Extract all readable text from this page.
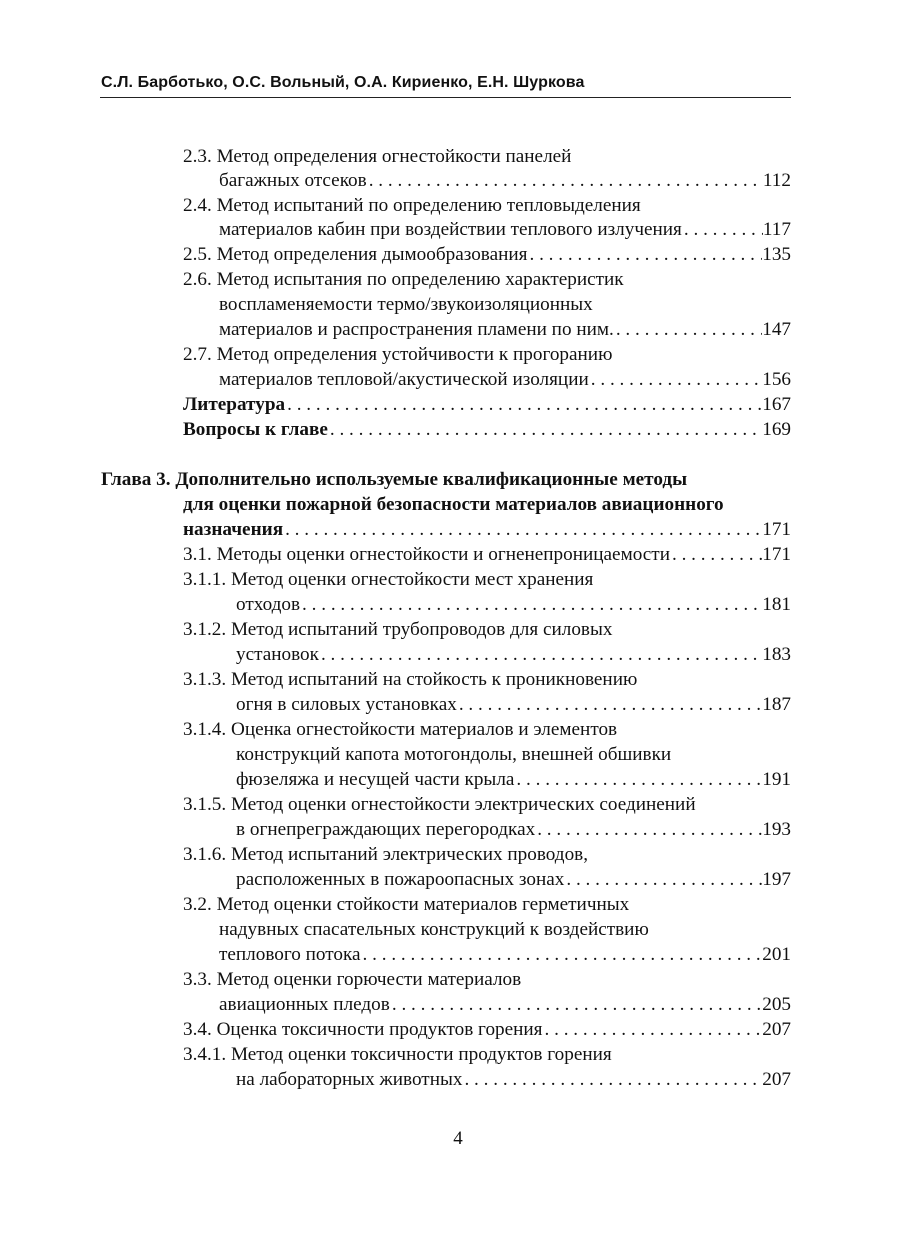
С.Л. Барботько, О.С. Вольный, О.А. Кириенко, Е.Н. Шуркова
2.3. Метод определения огнестойкости панелей
багажных отсеков . . .	112
2.4. Метод испытаний по определению тепловыделения
материалов кабин при воздействии теплового излучения . . .	117
2.5. Метод определения дымообразования . . .	135
2.6. Метод испытания по определению характеристик
воспламеняемости термо/звукоизоляционных
материалов и распространения пламени по ним. . . .	147
2.7. Метод определения устойчивости к прогоранию
материалов тепловой/акустической изоляции . . .	156
Литература . . .	167
Вопросы к главе . . .	169
Глава 3. Дополнительно используемые квалификационные методы
для оценки пожарной безопасности материалов авиационного
назначения . . .	171
3.1. Методы оценки огнестойкости и огненепроницаемости . . .	171
3.1.1. Метод оценки огнестойкости мест хранения
отходов . . .	181
3.1.2. Метод испытаний трубопроводов для силовых
установок . . .	183
3.1.3. Метод испытаний на стойкость к проникновению
огня в силовых установках . . .	187
3.1.4. Оценка огнестойкости материалов и элементов
конструкций капота мотогондолы, внешней обшивки
фюзеляжа и несущей части крыла . . .	191
3.1.5. Метод оценки огнестойкости электрических соединений
в огнепреграждающих перегородках . . .	193
3.1.6. Метод испытаний электрических проводов,
расположенных в пожароопасных зонах . . .	197
3.2. Метод оценки стойкости материалов герметичных
надувных спасательных конструкций к воздействию
теплового потока . . .	201
3.3. Метод оценки горючести материалов
авиационных пледов . . .	205
3.4. Оценка токсичности продуктов горения . . .	207
3.4.1. Метод оценки токсичности продуктов горения
на лабораторных животных . . .	207
4
